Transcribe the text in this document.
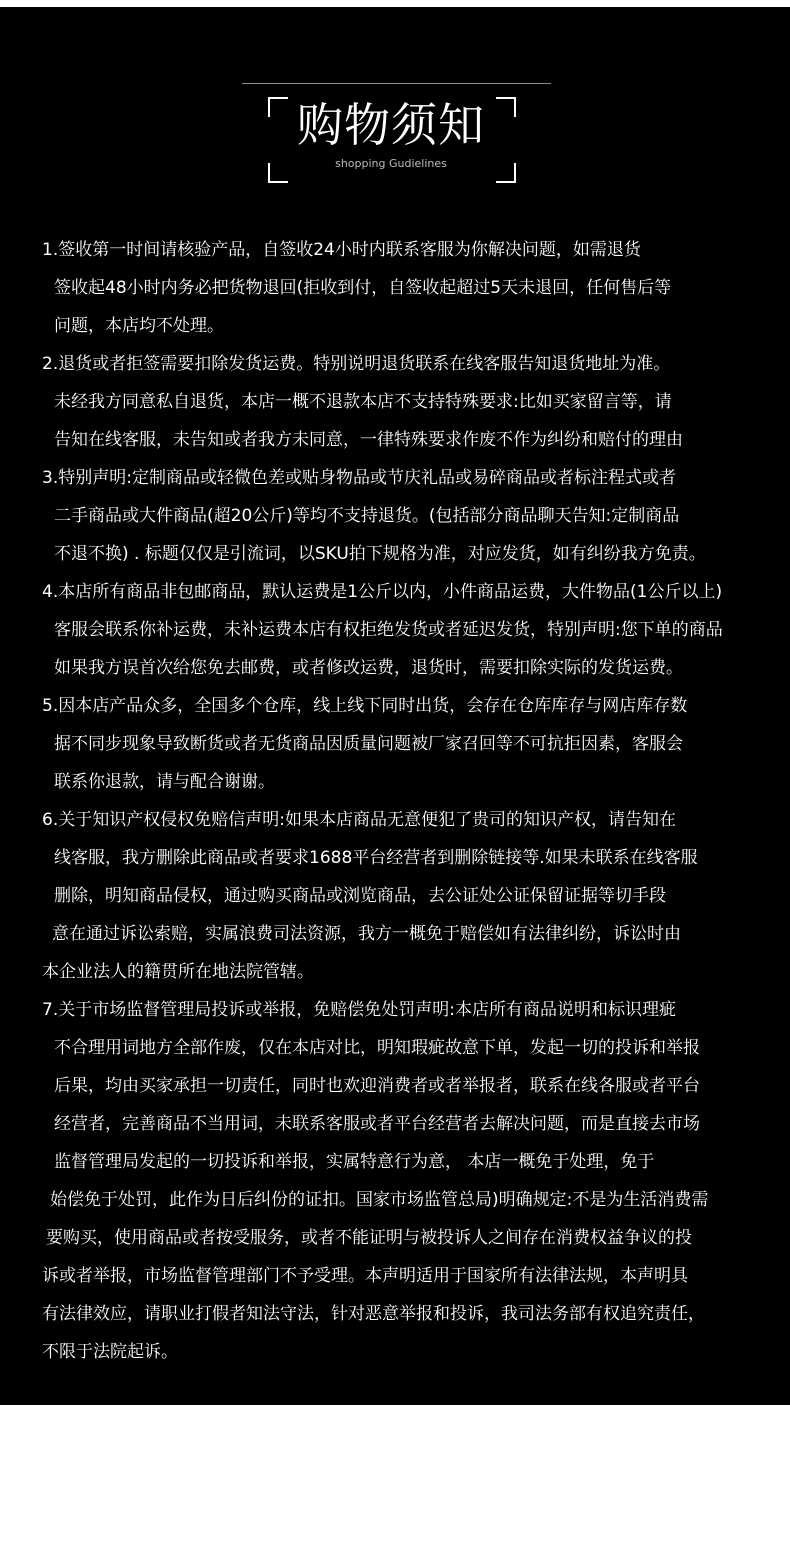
购物须知
shopping Gudielines
1.签收第一时间请核验产品，自签收24小时内联系客服为你解决问题，如需退货
签收起48小时内务必把货物退回(拒收到付，自签收起超过5天未退回，任何售后等
问题，本店均不处理。
2.退货或者拒签需要扣除发货运费。特别说明退货联系在线客服告知退货地址为准。
未经我方同意私自退货，本店一概不退款本店不支持特殊要求:比如买家留言等，请
告知在线客服，未告知或者我方未同意，一律特殊要求作废不作为纠纷和赔付的理由
3.特别声明:定制商品或轻微色差或贴身物品或节庆礼品或易碎商品或者标注程式或者
二手商品或大件商品(超20公斤)等均不支持退货。(包括部分商品聊天告知:定制商品
不退不换) . 标题仅仅是引流词，以SKU拍下规格为准，对应发货，如有纠纷我方免责。
4.本店所有商品非包邮商品，默认运费是1公斤以内，小件商品运费，大件物品(1公斤以上)
客服会联系你补运费，未补运费本店有权拒绝发货或者延迟发货，特别声明:您下单的商品
如果我方误首次给您免去邮费，或者修改运费，退货时，需要扣除实际的发货运费。
5.因本店产品众多，全国多个仓库，线上线下同时出货，会存在仓库库存与网店库存数
据不同步现象导致断货或者无货商品因质量问题被厂家召回等不可抗拒因素，客服会
联系你退款，请与配合谢谢。
6.关于知识产权侵权免赔信声明:如果本店商品无意便犯了贵司的知识产权，请告知在
线客服，我方删除此商品或者要求1688平台经营者到删除链接等.如果未联系在线客服
删除，明知商品侵权，通过购买商品或浏览商品，去公证处公证保留证据等切手段
意在通过诉讼索赔，实属浪费司法资源，我方一概免于赔偿如有法律纠纷，诉讼时由
本企业法人的籍贯所在地法院管辖。
7.关于市场监督管理局投诉或举报，免赔偿免处罚声明:本店所有商品说明和标识理疵
不合理用词地方全部作废，仅在本店对比，明知瑕疵故意下单，发起一切的投诉和举报
后果，均由买家承担一切责任，同时也欢迎消费者或者举报者，联系在线各服或者平台
经营者，完善商品不当用词，未联系客服或者平台经营者去解决问题，而是直接去市场
监督管理局发起的一切投诉和举报，实属特意行为意， 本店一概免于处理，免于
始偿免于处罚，此作为日后纠份的证扣。国家市场监管总局)明确规定:不是为生活消费需
要购买，使用商品或者按受服务，或者不能证明与被投诉人之间存在消费权益争议的投
诉或者举报，市场监督管理部门不予受理。本声明适用于国家所有法律法规，本声明具
有法律效应，请职业打假者知法守法，针对恶意举报和投诉，我司法务部有权追究责任，
不限于法院起诉。
